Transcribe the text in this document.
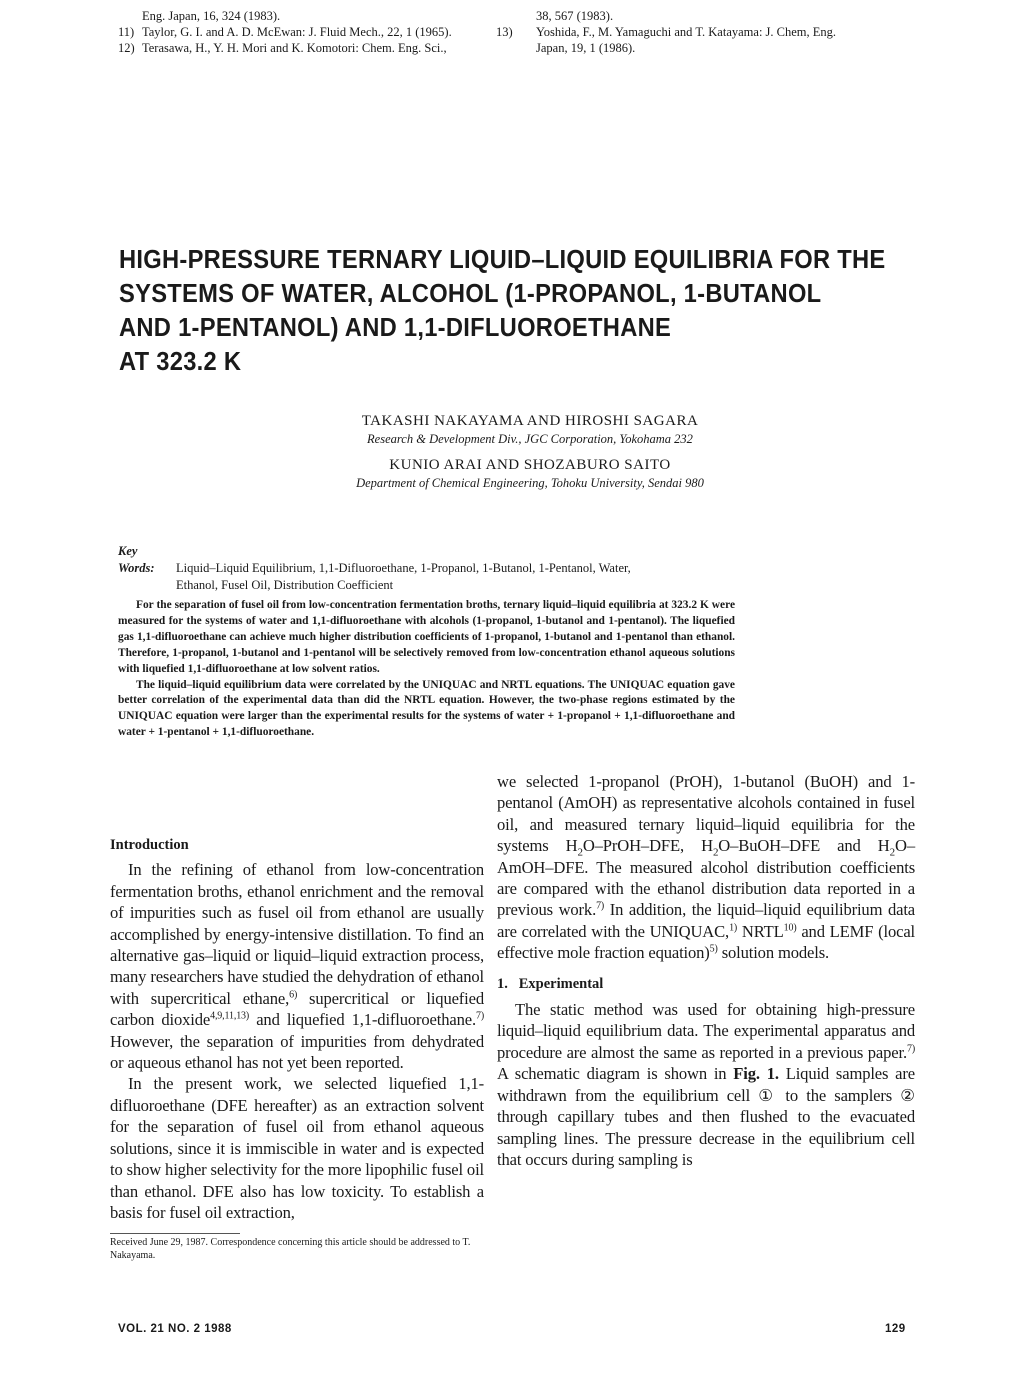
Eng. Japan, 16, 324 (1983).
11) Taylor, G. I. and A. D. McEwan: J. Fluid Mech., 22, 1 (1965).
12) Terasawa, H., Y. H. Mori and K. Komotori: Chem. Eng. Sci.,
38, 567 (1983).
13) Yoshida, F., M. Yamaguchi and T. Katayama: J. Chem, Eng.
Japan, 19, 1 (1986).
HIGH-PRESSURE TERNARY LIQUID–LIQUID EQUILIBRIA FOR THE
SYSTEMS OF WATER, ALCOHOL (1-PROPANOL, 1-BUTANOL
AND 1-PENTANOL) AND 1,1-DIFLUOROETHANE
AT 323.2 K
TAKASHI NAKAYAMA AND HIROSHI SAGARA
Research & Development Div., JGC Corporation, Yokohama 232
KUNIO ARAI AND SHOZABURO SAITO
Department of Chemical Engineering, Tohoku University, Sendai 980
Key Words: Liquid–Liquid Equilibrium, 1,1-Difluoroethane, 1-Propanol, 1-Butanol, 1-Pentanol, Water,
Ethanol, Fusel Oil, Distribution Coefficient

For the separation of fusel oil from low-concentration fermentation broths, ternary liquid–liquid equilibria at 323.2 K were measured for the systems of water and 1,1-difluoroethane with alcohols (1-propanol, 1-butanol and 1-pentanol). The liquefied gas 1,1-difluoroethane can achieve much higher distribution coefficients of 1-propanol, 1-butanol and 1-pentanol than ethanol. Therefore, 1-propanol, 1-butanol and 1-pentanol will be selectively removed from low-concentration ethanol aqueous solutions with liquefied 1,1-difluoroethane at low solvent ratios.

The liquid–liquid equilibrium data were correlated by the UNIQUAC and NRTL equations. The UNIQUAC equation gave better correlation of the experimental data than did the NRTL equation. However, the two-phase regions estimated by the UNIQUAC equation were larger than the experimental results for the systems of water + 1-propanol + 1,1-difluoroethane and water + 1-pentanol + 1,1-difluoroethane.

Introduction

In the refining of ethanol from low-concentration fermentation broths, ethanol enrichment and the removal of impurities such as fusel oil from ethanol are usually accomplished by energy-intensive distillation. To find an alternative gas–liquid or liquid–liquid extraction process, many researchers have studied the dehydration of ethanol with supercritical ethane,$^{6)}$ supercritical or liquefied carbon dioxide$^{4,9,11,13)}$ and liquefied 1,1-difluoroethane.$^{7)}$ However, the separation of impurities from dehydrated or aqueous ethanol has not yet been reported.

In the present work, we selected liquefied 1,1-difluoroethane (DFE hereafter) as an extraction solvent for the separation of fusel oil from ethanol aqueous solutions, since it is immiscible in water and is expected to show higher selectivity for the more lipophilic fusel oil than ethanol. DFE also has low toxicity. To establish a basis for fusel oil extraction,

Received June 29, 1987. Correspondence concerning this article should be addressed to T. Nakayama.

we selected 1-propanol (PrOH), 1-butanol (BuOH) and 1-pentanol (AmOH) as representative alcohols contained in fusel oil, and measured ternary liquid–liquid equilibria for the systems $H_2O-PrOH$–DFE, $H_2O-BuOH$–DFE and $H_2O-AmOH$–DFE. The measured alcohol distribution coefficients are compared with the ethanol distribution data reported in a previous work.$^{7)}$ In addition, the liquid–liquid equilibrium data are correlated with the UNIQUAC,$^{1)}$ NRTL$^{10)}$ and LEMF (local effective mole fraction equation)$^{5)}$ solution models.

1. Experimental

The static method was used for obtaining high-pressure liquid–liquid equilibrium data. The experimental apparatus and procedure are almost the same as reported in a previous paper.$^{7)}$ A schematic diagram is shown in Fig. 1. Liquid samples are withdrawn from the equilibrium cell ① to the samplers ② through capillary tubes and then flushed to the evacuated sampling lines. The pressure decrease in the equilibrium cell that occurs during sampling is

VOL. 21 NO. 2 1988	129
